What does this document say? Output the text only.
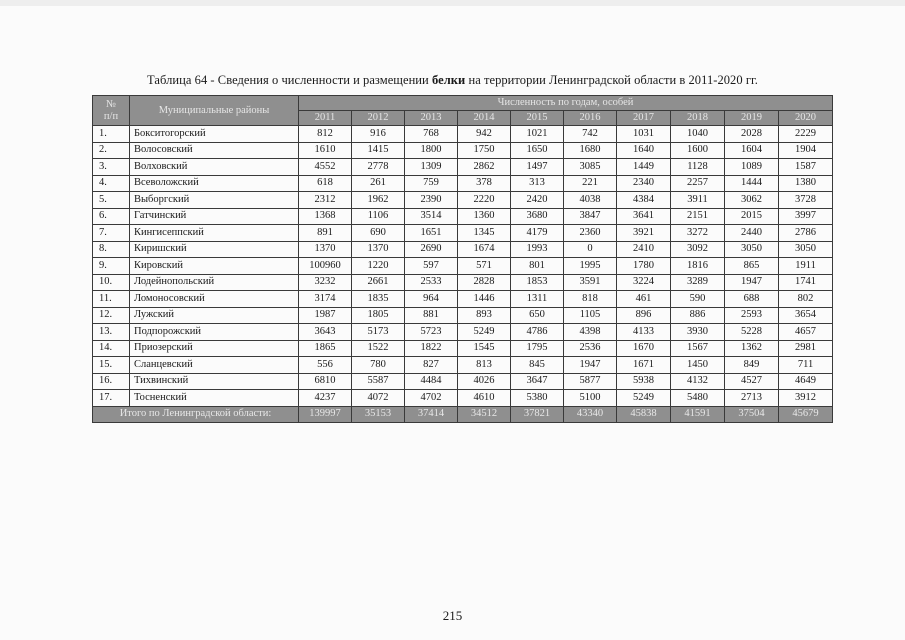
Таблица 64 - Сведения о численности и размещении белки на территории Ленинградской области в 2011-2020 гг.
№
п/п	Муниципальные районы	Численность по годам, особей									
		2011	2012	2013	2014	2015	2016	2017	2018	2019	2020
1.	Бокситогорский	812	916	768	942	1021	742	1031	1040	2028	2229
2.	Волосовский	1610	1415	1800	1750	1650	1680	1640	1600	1604	1904
3.	Волховский	4552	2778	1309	2862	1497	3085	1449	1128	1089	1587
4.	Всеволожский	618	261	759	378	313	221	2340	2257	1444	1380
5.	Выборгский	2312	1962	2390	2220	2420	4038	4384	3911	3062	3728
6.	Гатчинский	1368	1106	3514	1360	3680	3847	3641	2151	2015	3997
7.	Кингисеппский	891	690	1651	1345	4179	2360	3921	3272	2440	2786
8.	Киришский	1370	1370	2690	1674	1993	0	2410	3092	3050	3050
9.	Кировский	100960	1220	597	571	801	1995	1780	1816	865	1911
10.	Лодейнопольский	3232	2661	2533	2828	1853	3591	3224	3289	1947	1741
11.	Ломоносовский	3174	1835	964	1446	1311	818	461	590	688	802
12.	Лужский	1987	1805	881	893	650	1105	896	886	2593	3654
13.	Подпорожский	3643	5173	5723	5249	4786	4398	4133	3930	5228	4657
14.	Приозерский	1865	1522	1822	1545	1795	2536	1670	1567	1362	2981
15.	Сланцевский	556	780	827	813	845	1947	1671	1450	849	711
16.	Тихвинский	6810	5587	4484	4026	3647	5877	5938	4132	4527	4649
17.	Тосненский	4237	4072	4702	4610	5380	5100	5249	5480	2713	3912
Итого по Ленинградской области:		139997	35153	37414	34512	37821	43340	45838	41591	37504	45679
215
